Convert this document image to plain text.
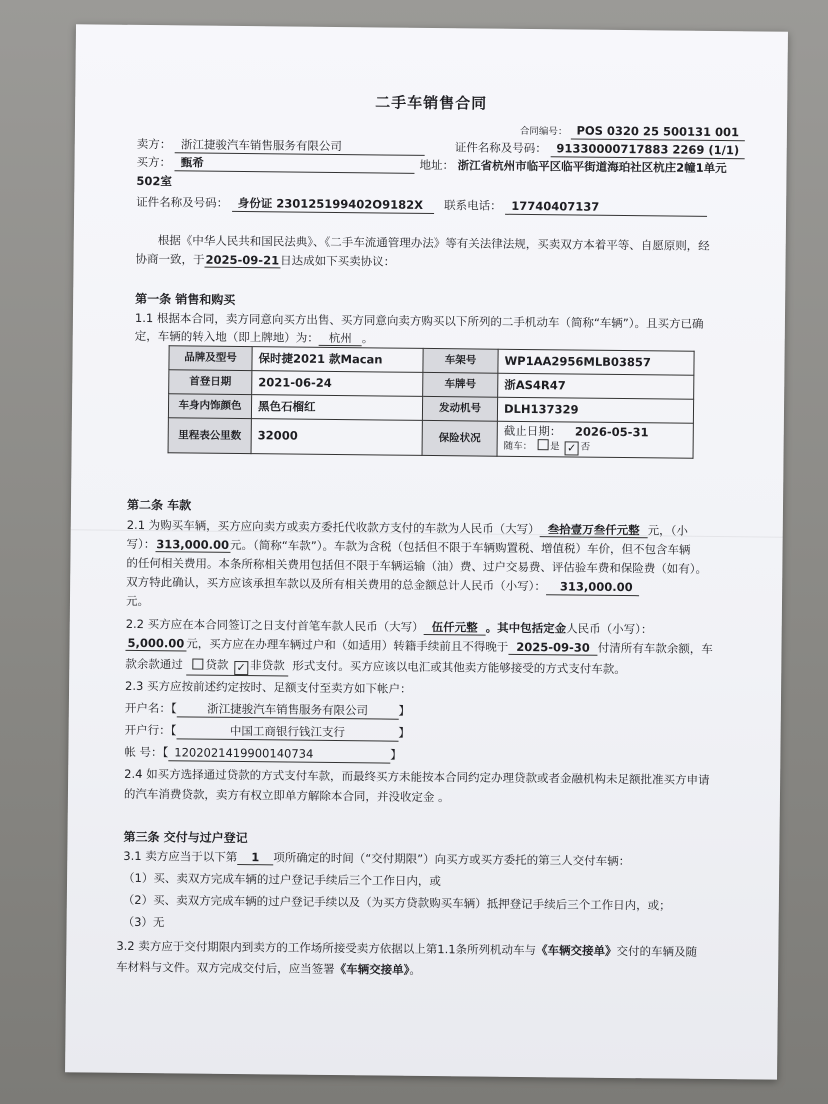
二手车销售合同
合同编号： POS 0320 25 500131 001
卖方： 浙江捷骏汽车销售服务有限公司	证件名称及号码： 91330000717883 2269 (1/1)
买方： 甄希	地址： 浙江省杭州市临平区临平街道海珀社区杭庄2幢1单元
502室
证件名称及号码： 身份证 230125199402O9182X	联系电话： 17740407137
根据《中华人民共和国民法典》、《二手车流通管理办法》等有关法律法规，买卖双方本着平等、自愿原则，经
协商一致，于2025-09-21日达成如下买卖协议：
第一条 销售和购买
1.1 根据本合同，卖方同意向买方出售、买方同意向卖方购买以下所列的二手机动车（简称“车辆”）。且买方已确
定，车辆的转入地（即上牌地）为： 杭州 。
品牌及型号	保时捷2021 款Macan	车架号	WP1AA2956MLB03857
首登日期	2021-06-24	车牌号	浙AS4R47
车身内饰颜色	黑色石榴红	发动机号	DLH137329
里程表公里数	32000	保险状况	截止日期： 2026-05-31
随车： 是 ✓ 否
第二条 车款
2.1 为购买车辆，买方应向卖方或卖方委托代收款方支付的车款为人民币（大写） 叁拾壹万叁仟元整 元，（小
写）：313,000.00元。（简称“车款”）。车款为含税（包括但不限于车辆购置税、增值税）车价，但不包含车辆
的任何相关费用。本条所称相关费用包括但不限于车辆运输（油）费、过户交易费、评估验车费和保险费（如有）。
双方特此确认，买方应该承担车款以及所有相关费用的总金额总计人民币（小写）： 313,000.00
元。
2.2 买方应在本合同签订之日支付首笔车款人民币（大写） 伍仟元整 。其中包括定金人民币（小写）：
5,000.00 元，买方应在办理车辆过户和（如适用）转籍手续前且不得晚于 2025-09-30 付清所有车款余额，车
款余款通过 贷款 ✓ 非贷款 形式支付。买方应该以电汇或其他卖方能够接受的方式支付车款。
2.3 买方应按前述约定按时、足额支付至卖方如下帐户：
开户名：【	浙江捷骏汽车销售服务有限公司	】
开户行：【	中国工商银行钱江支行	】
帐 号：【 1202021419900140734	】
2.4 如买方选择通过贷款的方式支付车款，而最终买方未能按本合同约定办理贷款或者金融机构未足额批准买方申请
的汽车消费贷款，卖方有权立即单方解除本合同，并没收定金 。
第三条 交付与过户登记
3.1 卖方应当于以下第 1 项所确定的时间（“交付期限”）向买方或买方委托的第三人交付车辆：
（1）买、卖双方完成车辆的过户登记手续后三个工作日内，或
（2）买、卖双方完成车辆的过户登记手续以及（为买方贷款购买车辆）抵押登记手续后三个工作日内，或；
（3）无
3.2 卖方应于交付期限内到卖方的工作场所接受卖方依据以上第1.1条所列机动车与《车辆交接单》交付的车辆及随
车材料与文件。双方完成交付后，应当签署《车辆交接单》。
